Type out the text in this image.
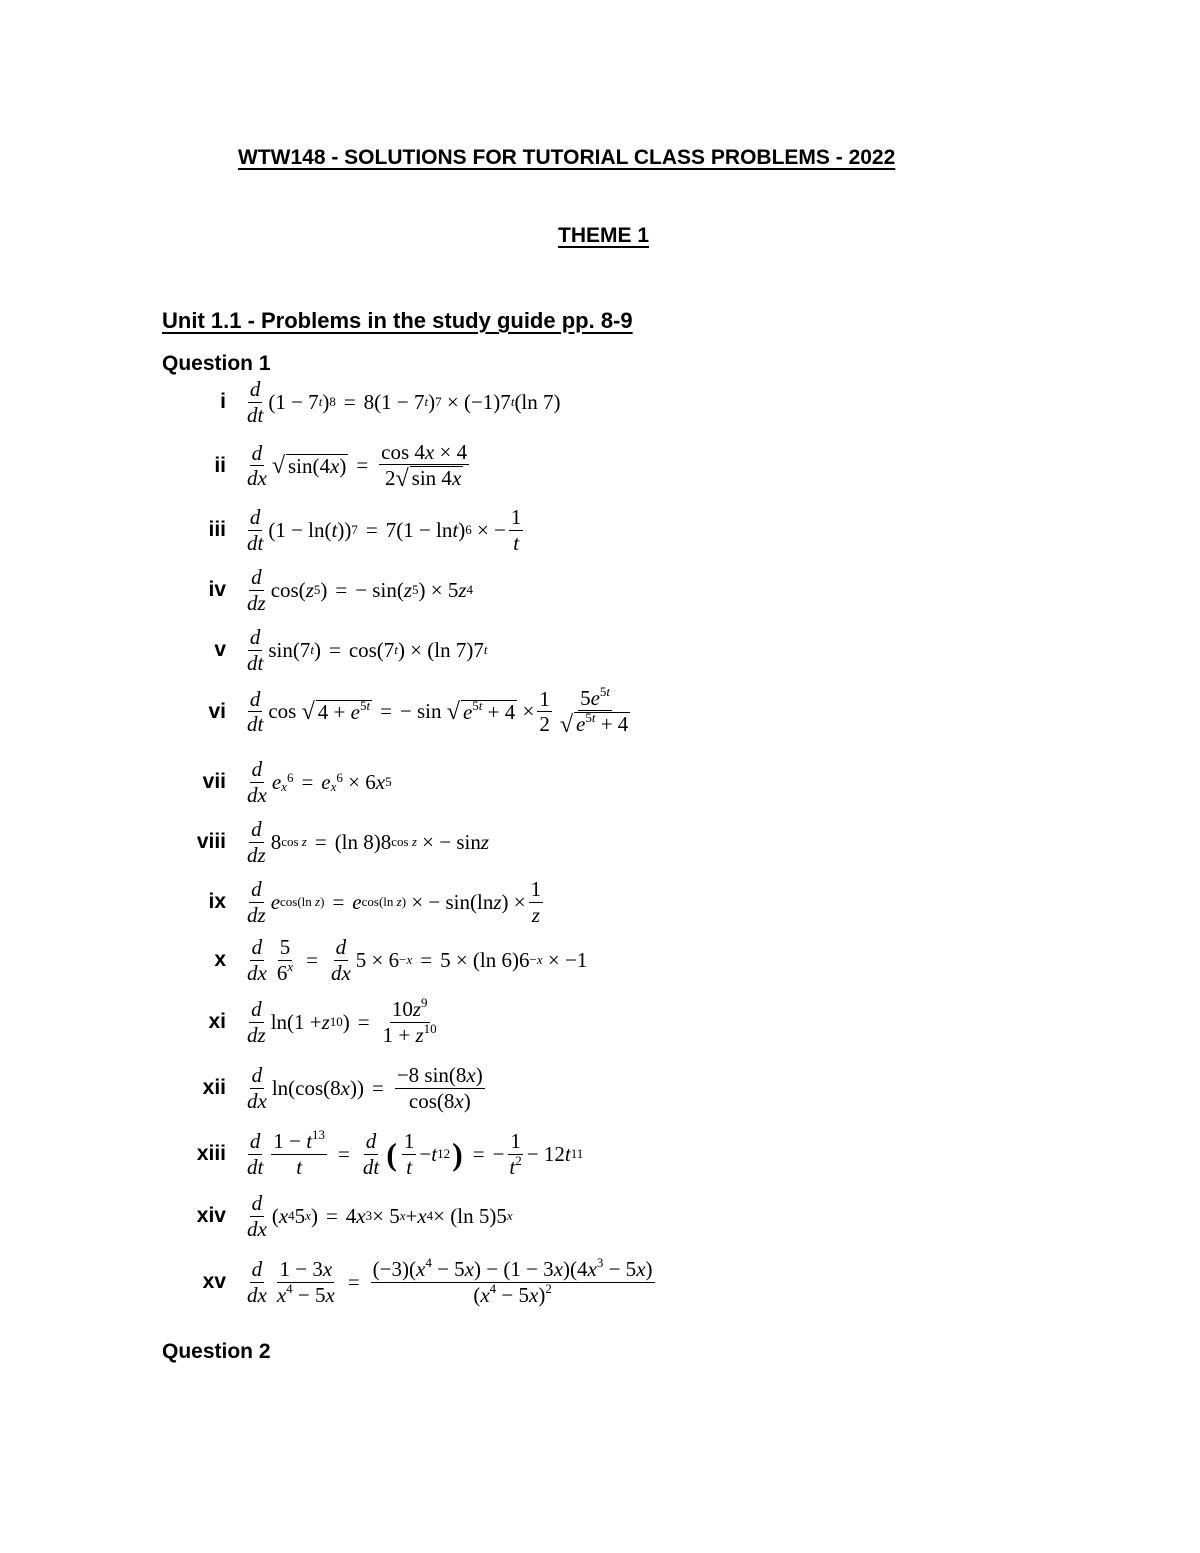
WTW148 - SOLUTIONS FOR TUTORIAL CLASS PROBLEMS - 2022
THEME 1
Unit 1.1 - Problems in the study guide pp. 8-9
Question 1
i $\frac{d}{dt} (1 - 7$ t ) 8 = 8(1 − 7 t ) 7 × (−1)7 t (ln 7)
ii $\frac{d}{dx}$ √ $\sin(4x) = \frac{\cos 4x \times 4}{2 √ \sin 4x}$
iii $\frac{d}{dt} (1 - \ln$( t )) 7 = 7(1 − ln t ) 6 × − $\frac{1}{t}$
iv $\frac{d}{dz} \cos$( z 5 ) = − sin( z 5 ) × 5 z 4
v $\frac{d}{dt} \sin(7$ t ) = cos(7 t ) × (ln 7)7 t
vi $\frac{d}{dt}$ cos √ $4 + e^{5t}$ = − sin √ $e^{5t} + 4 \times \frac{1}{2} \frac{5e^{5t}}{√ e^{5t} + 4}$
vii $\frac{d}{dx}$ e $x^6 = e$ $x^6 \times 6$ x 5
viii $\frac{d}{dz} 8$ cos z = (ln 8)8 cos z × − sin z
ix $\frac{d}{dz}$ e cos(ln z) = e cos(ln z) × − sin(ln z ) × $\frac{1}{z}$
x $\frac{d}{dx} \frac{5}{6^x} = \frac{d}{dx} 5 \times 6 -x = 5 \times (\ln$ 6)6 −x × −1
xi $\frac{d}{dz} \ln(1 + z$ 10 ) = $\frac{10z^9}{1 + z^{10}}$
xii $\frac{d}{dx} \ln(\cos(8$ x )) = $\frac{-8 \sin(8x)}{\cos(8x)}$
xiii $\frac{d}{dt} \frac{1 - t^{13}}{t} = \frac{d}{dt}$ ( $\frac{1}{t} - t$ 12 ) = − $\frac{1}{t^2} - 12$ t 11
xiv $\frac{d}{dx}$ ( x 4 5 x ) = 4 x 3 × 5 x + x 4 × (ln 5)5 x
xv $\frac{d}{dx} \frac{1 - 3x}{x^4 - 5x} = \frac{(-3)(x^4 - 5x) - (1 - 3x)(4x^3 - 5x)}{(x^4 - 5x)^2}$
Question 2
